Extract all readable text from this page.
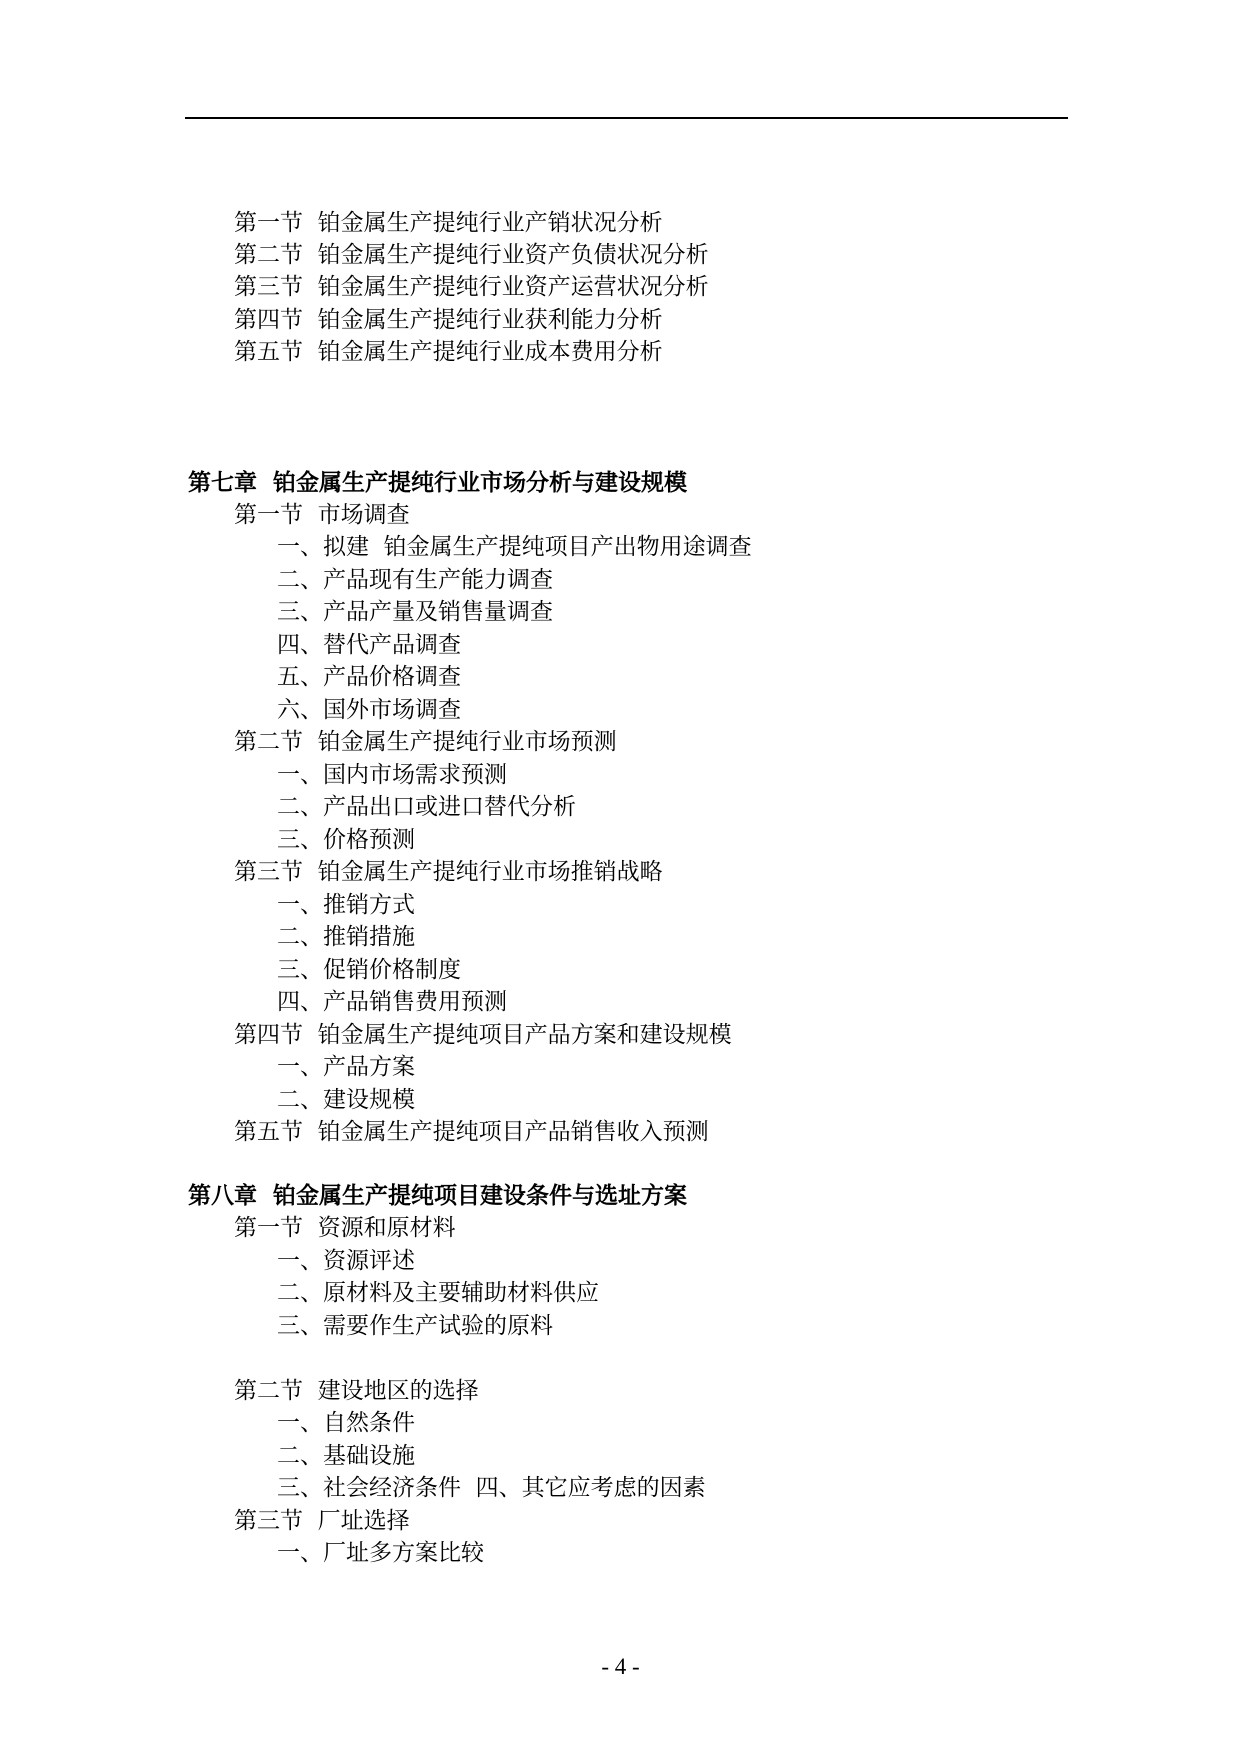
第一节  铂金属生产提纯行业产销状况分析
第二节  铂金属生产提纯行业资产负债状况分析
第三节  铂金属生产提纯行业资产运营状况分析
第四节  铂金属生产提纯行业获利能力分析
第五节  铂金属生产提纯行业成本费用分析
第七章  铂金属生产提纯行业市场分析与建设规模
第一节  市场调查
一、拟建  铂金属生产提纯项目产出物用途调查
二、产品现有生产能力调查
三、产品产量及销售量调查
四、替代产品调查
五、产品价格调查
六、国外市场调查
第二节  铂金属生产提纯行业市场预测
一、国内市场需求预测
二、产品出口或进口替代分析
三、价格预测
第三节  铂金属生产提纯行业市场推销战略
一、推销方式
二、推销措施
三、促销价格制度
四、产品销售费用预测
第四节  铂金属生产提纯项目产品方案和建设规模
一、产品方案
二、建设规模
第五节  铂金属生产提纯项目产品销售收入预测
第八章  铂金属生产提纯项目建设条件与选址方案
第一节  资源和原材料
一、资源评述
二、原材料及主要辅助材料供应
三、需要作生产试验的原料
第二节  建设地区的选择
一、自然条件
二、基础设施
三、社会经济条件  四、其它应考虑的因素
第三节  厂址选择
一、厂址多方案比较
- 4 -
